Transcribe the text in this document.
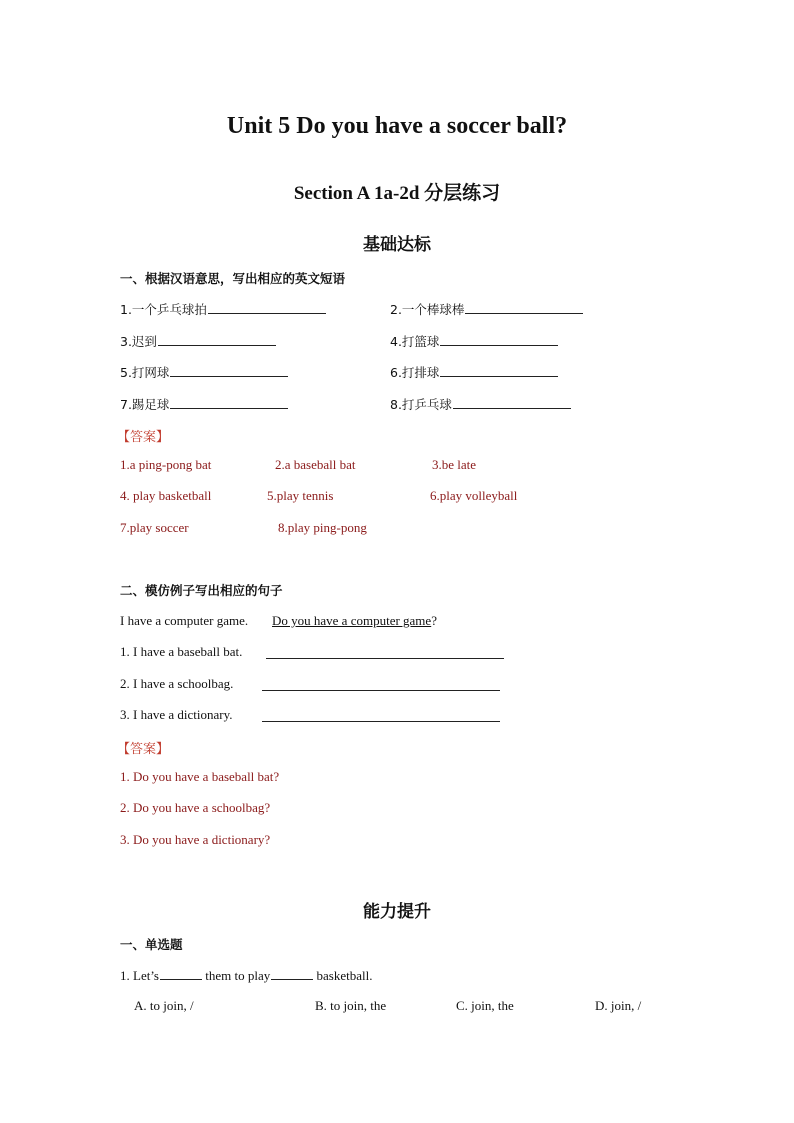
Unit 5 Do you have a soccer ball?
Section A 1a-2d 分层练习
基础达标
一、根据汉语意思，写出相应的英文短语
1.一个乒乓球拍	2.一个棒球棒
3.迟到	4.打篮球
5.打网球	6.打排球
7.踢足球	8.打乒乓球
【答案】
1.a ping-pong bat	2.a baseball bat	3.be late
4. play basketball	5.play tennis	6.play volleyball
7.play soccer	8.play ping-pong
二、模仿例子写出相应的句子
I have a computer game. Do you have a computer game?
1. I have a baseball bat.
2. I have a schoolbag.
3. I have a dictionary.
【答案】
1. Do you have a baseball bat?
2. Do you have a schoolbag?
3. Do you have a dictionary?
能力提升
一、单选题
1. Let’s	them to play	basketball.
A. to join, /	B. to join, the	C. join, the	D. join, /
